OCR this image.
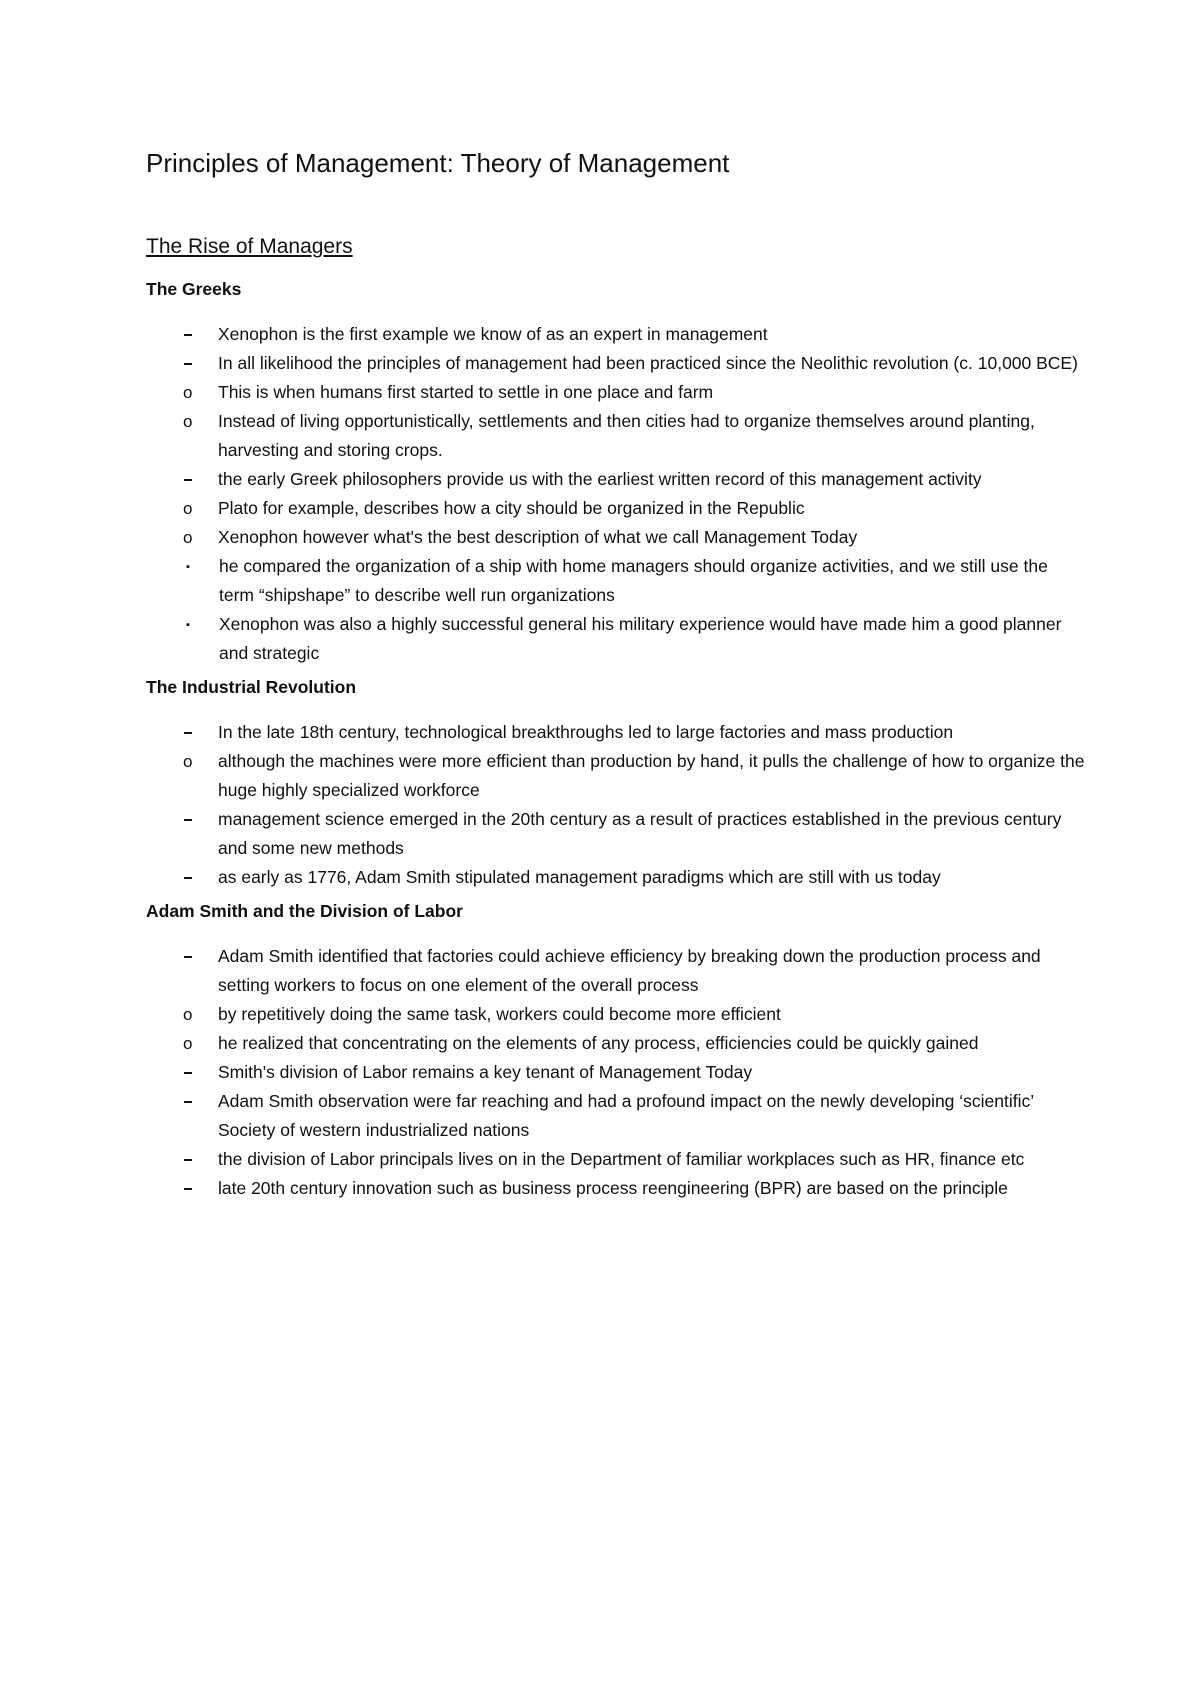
Principles of Management: Theory of Management
The Rise of Managers
The Greeks
Xenophon is the first example we know of as an expert in management
In all likelihood the principles of management had been practiced since the Neolithic revolution (c. 10,000 BCE)
o This is when humans first started to settle in one place and farm
o Instead of living opportunistically, settlements and then cities had to organize themselves around planting, harvesting and storing crops.
the early Greek philosophers provide us with the earliest written record of this management activity
o Plato for example, describes how a city should be organized in the Republic
o Xenophon however what's the best description of what we call Management Today
▪ he compared the organization of a ship with home managers should organize activities, and we still use the term “shipshape” to describe well run organizations
▪ Xenophon was also a highly successful general his military experience would have made him a good planner and strategic
The Industrial Revolution
In the late 18th century, technological breakthroughs led to large factories and mass production
o although the machines were more efficient than production by hand, it pulls the challenge of how to organize the huge highly specialized workforce
management science emerged in the 20th century as a result of practices established in the previous century and some new methods
as early as 1776, Adam Smith stipulated management paradigms which are still with us today
Adam Smith and the Division of Labor
Adam Smith identified that factories could achieve efficiency by breaking down the production process and setting workers to focus on one element of the overall process
o by repetitively doing the same task, workers could become more efficient
o he realized that concentrating on the elements of any process, efficiencies could be quickly gained
Smith's division of Labor remains a key tenant of Management Today
Adam Smith observation were far reaching and had a profound impact on the newly developing ‘scientific’ Society of western industrialized nations
the division of Labor principals lives on in the Department of familiar workplaces such as HR, finance etc
late 20th century innovation such as business process reengineering (BPR) are based on the principle
